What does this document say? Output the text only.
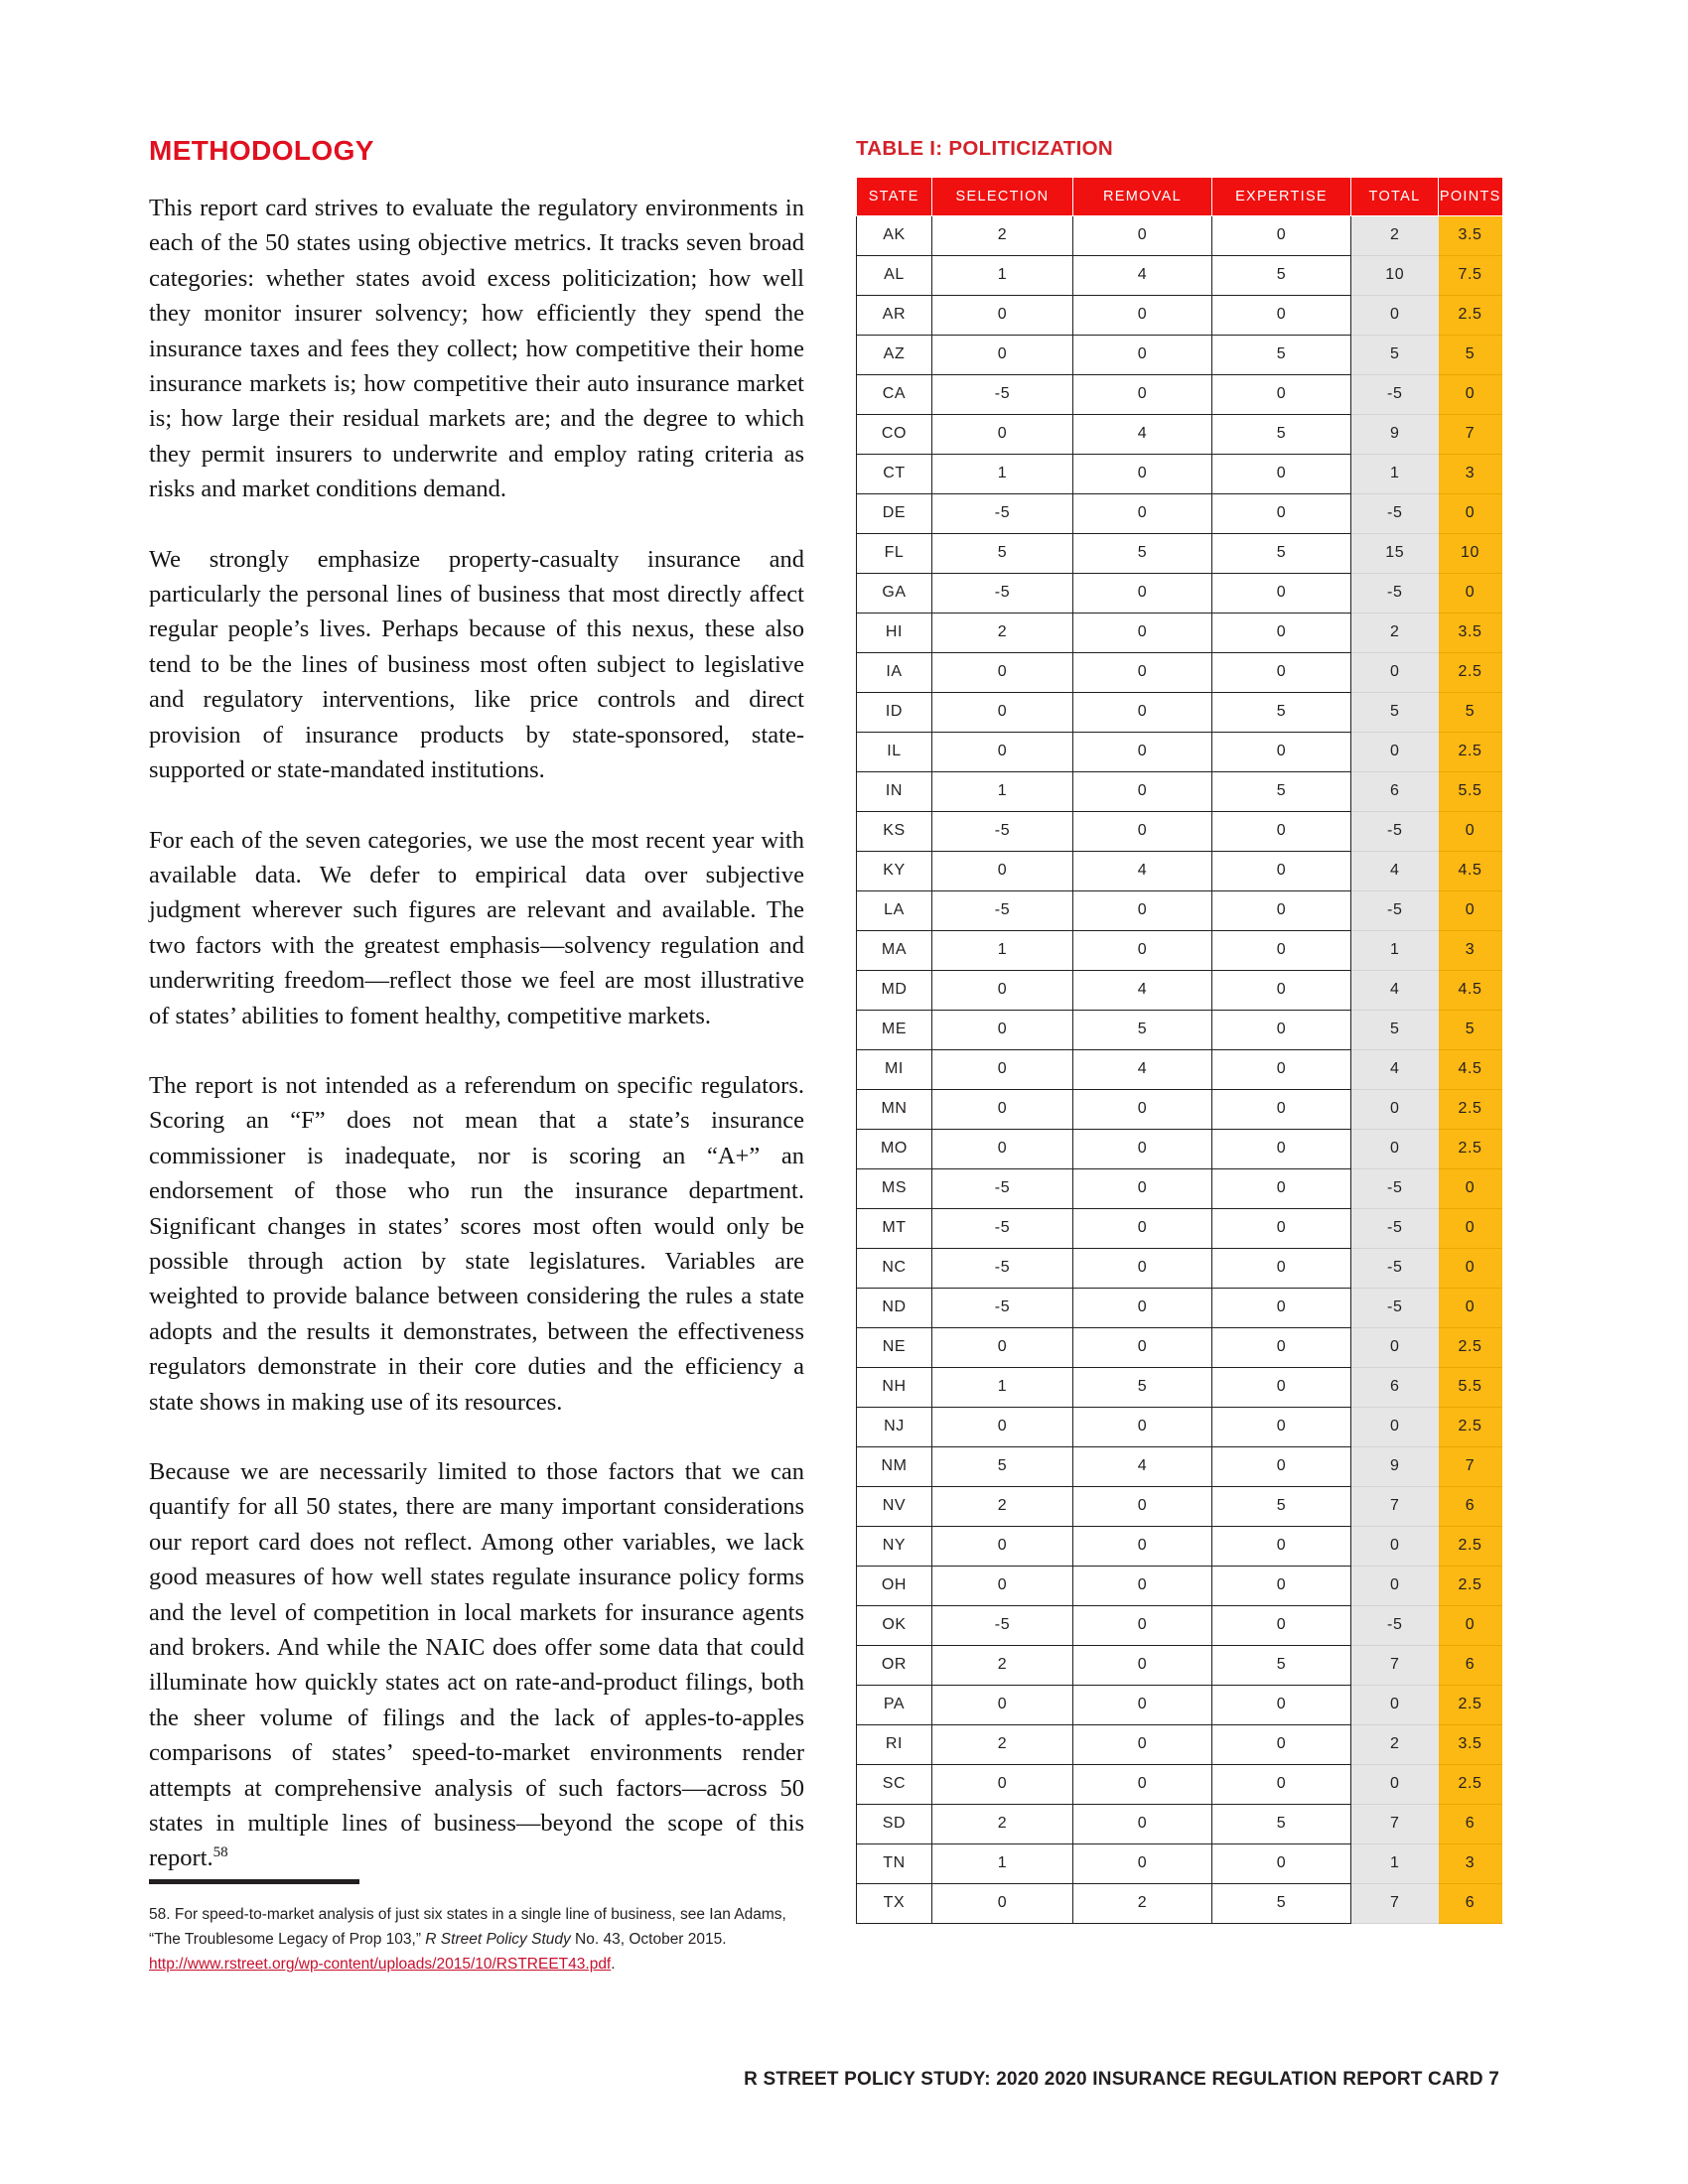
METHODOLOGY

This report card strives to evaluate the regulatory environments in each of the 50 states using objective metrics. It tracks seven broad categories: whether states avoid excess politicization; how well they monitor insurer solvency; how efficiently they spend the insurance taxes and fees they collect; how competitive their home insurance markets is; how competitive their auto insurance market is; how large their residual markets are; and the degree to which they permit insurers to underwrite and employ rating criteria as risks and market conditions demand.

We strongly emphasize property-casualty insurance and particularly the personal lines of business that most directly affect regular people’s lives. Perhaps because of this nexus, these also tend to be the lines of business most often subject to legislative and regulatory interventions, like price controls and direct provision of insurance products by state-sponsored, state-supported or state-mandated institutions.

For each of the seven categories, we use the most recent year with available data. We defer to empirical data over subjective judgment wherever such figures are relevant and available. The two factors with the greatest emphasis—solvency regulation and underwriting freedom—reflect those we feel are most illustrative of states’ abilities to foment healthy, competitive markets.

The report is not intended as a referendum on specific regulators. Scoring an “F” does not mean that a state’s insurance commissioner is inadequate, nor is scoring an “A+” an endorsement of those who run the insurance department. Significant changes in states’ scores most often would only be possible through action by state legislatures. Variables are weighted to provide balance between considering the rules a state adopts and the results it demonstrates, between the effectiveness regulators demonstrate in their core duties and the efficiency a state shows in making use of its resources.

Because we are necessarily limited to those factors that we can quantify for all 50 states, there are many important considerations our report card does not reflect. Among other variables, we lack good measures of how well states regulate insurance policy forms and the level of competition in local markets for insurance agents and brokers. And while the NAIC does offer some data that could illuminate how quickly states act on rate-and-product filings, both the sheer volume of filings and the lack of apples-to-apples comparisons of states’ speed-to-market environments render attempts at comprehensive analysis of such factors—across 50 states in multiple lines of business—beyond the scope of this report.$^{58}$

58. For speed-to-market analysis of just six states in a single line of business, see Ian Adams, “The Troublesome Legacy of Prop 103,” R Street Policy Study No. 43, October 2015. http://www.rstreet.org/wp-content/uploads/2015/10/RSTREET43.pdf.

TABLE I: POLITICIZATION
STATE	SELECTION	REMOVAL	EXPERTISE	TOTAL	POINTS
AK	2	0	0	2	3.5
AL	1	4	5	10	7.5
AR	0	0	0	0	2.5
AZ	0	0	5	5	5
CA	-5	0	0	-5	0
CO	0	4	5	9	7
CT	1	0	0	1	3
DE	-5	0	0	-5	0
FL	5	5	5	15	10
GA	-5	0	0	-5	0
HI	2	0	0	2	3.5
IA	0	0	0	0	2.5
ID	0	0	5	5	5
IL	0	0	0	0	2.5
IN	1	0	5	6	5.5
KS	-5	0	0	-5	0
KY	0	4	0	4	4.5
LA	-5	0	0	-5	0
MA	1	0	0	1	3
MD	0	4	0	4	4.5
ME	0	5	0	5	5
MI	0	4	0	4	4.5
MN	0	0	0	0	2.5
MO	0	0	0	0	2.5
MS	-5	0	0	-5	0
MT	-5	0	0	-5	0
NC	-5	0	0	-5	0
ND	-5	0	0	-5	0
NE	0	0	0	0	2.5
NH	1	5	0	6	5.5
NJ	0	0	0	0	2.5
NM	5	4	0	9	7
NV	2	0	5	7	6
NY	0	0	0	0	2.5
OH	0	0	0	0	2.5
OK	-5	0	0	-5	0
OR	2	0	5	7	6
PA	0	0	0	0	2.5
RI	2	0	0	2	3.5
SC	0	0	0	0	2.5
SD	2	0	5	7	6
TN	1	0	0	1	3
TX	0	2	5	7	6
R STREET POLICY STUDY: 2020 2020 INSURANCE REGULATION REPORT CARD 7
